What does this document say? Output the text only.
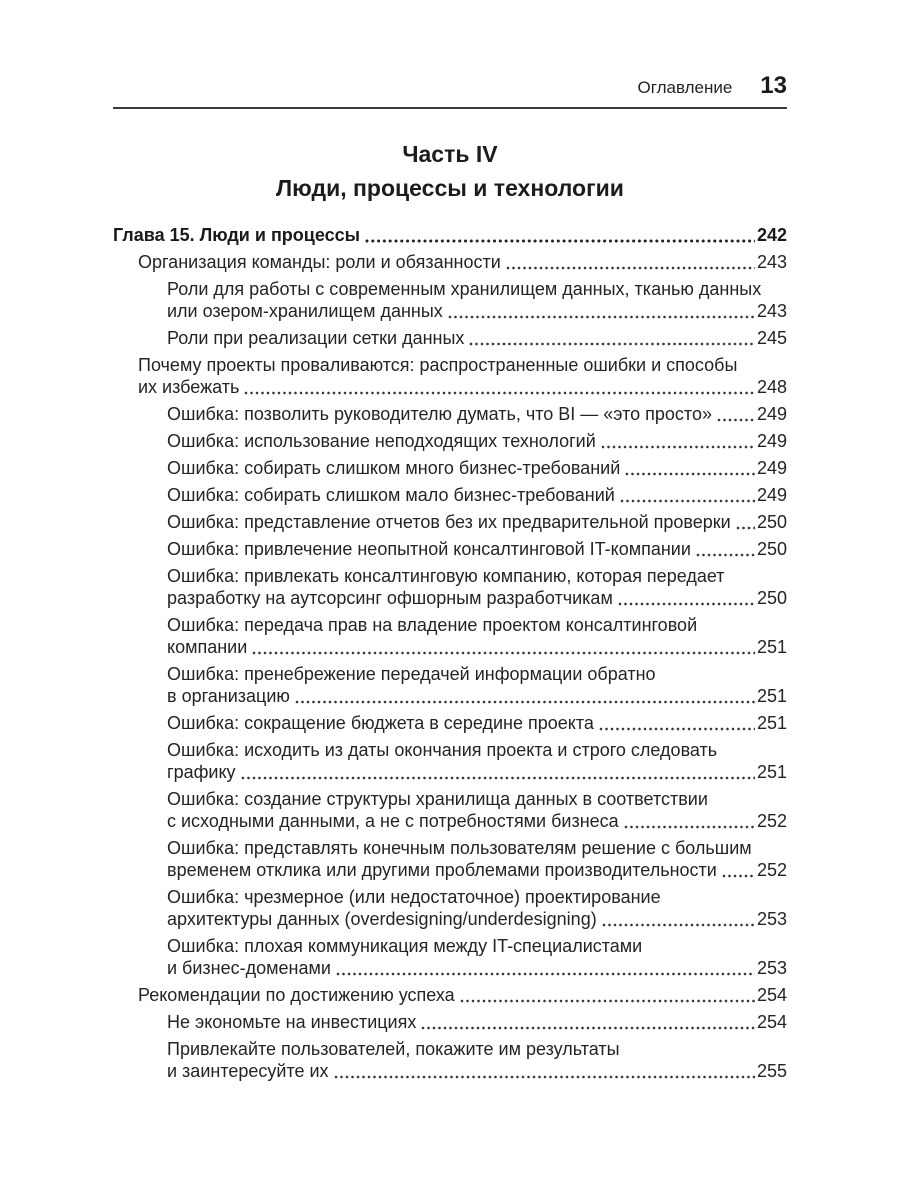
Оглавление 13
Часть IV
Люди, процессы и технологии
Глава 15. Люди и процессы	242
Организация команды: роли и обязанности	243
Роли для работы с современным хранилищем данных, тканью данных
или озером-хранилищем данных	243
Роли при реализации сетки данных	245
Почему проекты проваливаются: распространенные ошибки и способы
их избежать	248
Ошибка: позволить руководителю думать, что BI — «это просто» 249
Ошибка: использование неподходящих технологий	249
Ошибка: собирать слишком много бизнес-требований	249
Ошибка: собирать слишком мало бизнес-требований	249
Ошибка: представление отчетов без их предварительной проверки 250
Ошибка: привлечение неопытной консалтинговой IT-компании	250
Ошибка: привлекать консалтинговую компанию, которая передает
разработку на аутсорсинг офшорным разработчикам	250
Ошибка: передача прав на владение проектом консалтинговой
компании	251
Ошибка: пренебрежение передачей информации обратно
в организацию	251
Ошибка: сокращение бюджета в середине проекта	251
Ошибка: исходить из даты окончания проекта и строго следовать
графику	251
Ошибка: создание структуры хранилища данных в соответствии
с исходными данными, а не с потребностями бизнеса	252
Ошибка: представлять конечным пользователям решение с большим
временем отклика или другими проблемами производительности 252
Ошибка: чрезмерное (или недостаточное) проектирование
архитектуры данных (overdesigning/underdesigning)	253
Ошибка: плохая коммуникация между IT-специалистами
и бизнес-доменами	253
Рекомендации по достижению успеха	254
Не экономьте на инвестициях	254
Привлекайте пользователей, покажите им результаты
и заинтересуйте их	255
